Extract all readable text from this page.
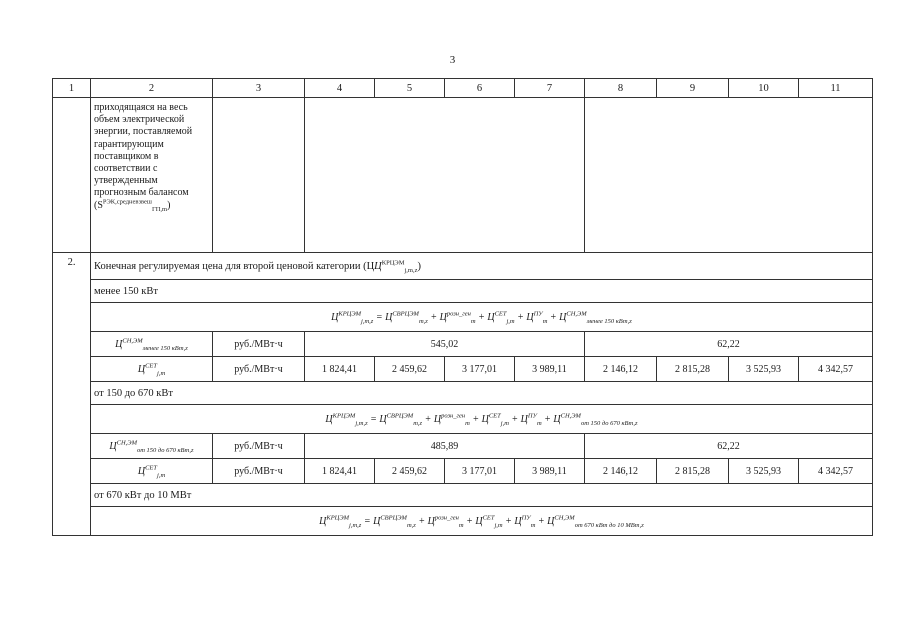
3
1	2	3	4	5	6	7	8	9	10	11
	приходящаяся на весь объем электрической энергии, поставляемой гарантирующим поставщиком в соответствии с утвержденным прогнозным балансом $(S^{РЭК,средневзвеш}_{ГП,m})$									
2.	Конечная регулируемая цена для второй ценовой категории $(ЦЦ^{КРЦЭМ}_{j,m,z})$									
	менее 150 кВт									
	$Ц^{КРЦЭМ}_{j,m,z} = Ц^{СВРЦЭМ}_{m,z} + Ц^{розн\_ген}_m + Ц^{СЕТ}_{j,m} + Ц^{ПУ}_m + Ц^{СН,ЭМ}_{менее 150 кВт,z}$
	$Ц^{СН,ЭМ}_{менее 150 кВт,z}$	руб./МВт·ч	545,02				62,22			
	$Ц^{СЕТ}_{j,m}$	руб./МВт·ч	1 824,41	2 459,62	3 177,01	3 989,11	2 146,12	2 815,28	3 525,93	4 342,57
	от 150 до 670 кВт									
	$Ц^{КРЦЭМ}_{j,m,z} = Ц^{СВРЦЭМ}_{m,z} + Ц^{розн\_ген}_m + Ц^{СЕТ}_{j,m} + Ц^{ПУ}_m + Ц^{СН,ЭМ}_{от 150 до 670 кВт,z}$
	$Ц^{СН,ЭМ}_{от 150 до 670 кВт,z}$	руб./МВт·ч	485,89				62,22			
	$Ц^{СЕТ}_{j,m}$	руб./МВт·ч	1 824,41	2 459,62	3 177,01	3 989,11	2 146,12	2 815,28	3 525,93	4 342,57
	от 670 кВт до 10 МВт									
	$Ц^{КРЦЭМ}_{j,m,z} = Ц^{СВРЦЭМ}_{m,z} + Ц^{розн\_ген}_m + Ц^{СЕТ}_{j,m} + Ц^{ПУ}_m + Ц^{СН,ЭМ}_{от 670 кВт до 10 МВт,z}$
